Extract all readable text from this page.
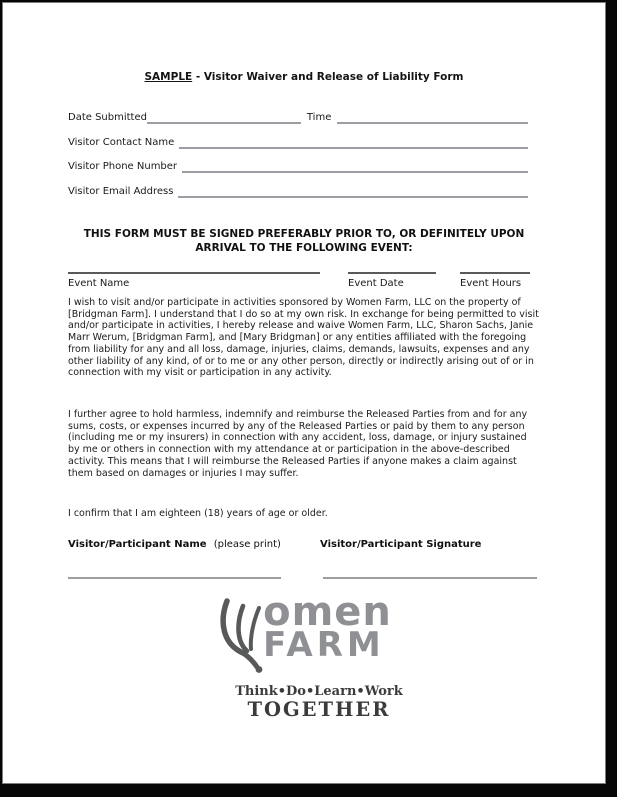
SAMPLE - Visitor Waiver and Release of Liability Form
Date Submitted	Time
Visitor Contact Name
Visitor Phone Number
Visitor Email Address
THIS FORM MUST BE SIGNED PREFERABLY PRIOR TO, OR DEFINITELY UPON
ARRIVAL TO THE FOLLOWING EVENT:
Event Name	Event Date	Event Hours
I wish to visit and/or participate in activities sponsored by Women Farm, LLC on the property of [Bridgman Farm]. I understand that I do so at my own risk. In exchange for being permitted to visit and/or participate in activities, I hereby release and waive Women Farm, LLC, Sharon Sachs, Janie Marr Werum, [Bridgman Farm], and [Mary Bridgman] or any entities affiliated with the foregoing from liability for any and all loss, damage, injuries, claims, demands, lawsuits, expenses and any other liability of any kind, of or to me or any other person, directly or indirectly arising out of or in connection with my visit or participation in any activity.
I further agree to hold harmless, indemnify and reimburse the Released Parties from and for any sums, costs, or expenses incurred by any of the Released Parties or paid by them to any person (including me or my insurers) in connection with any accident, loss, damage, or injury sustained by me or others in connection with my attendance at or participation in the above-described activity. This means that I will reimburse the Released Parties if anyone makes a claim against them based on damages or injuries I may suffer.
I confirm that I am eighteen (18) years of age or older.
Visitor/Participant Name (please print)	Visitor/Participant Signature
omen
FARM
Think•Do•Learn•Work
TOGETHER
